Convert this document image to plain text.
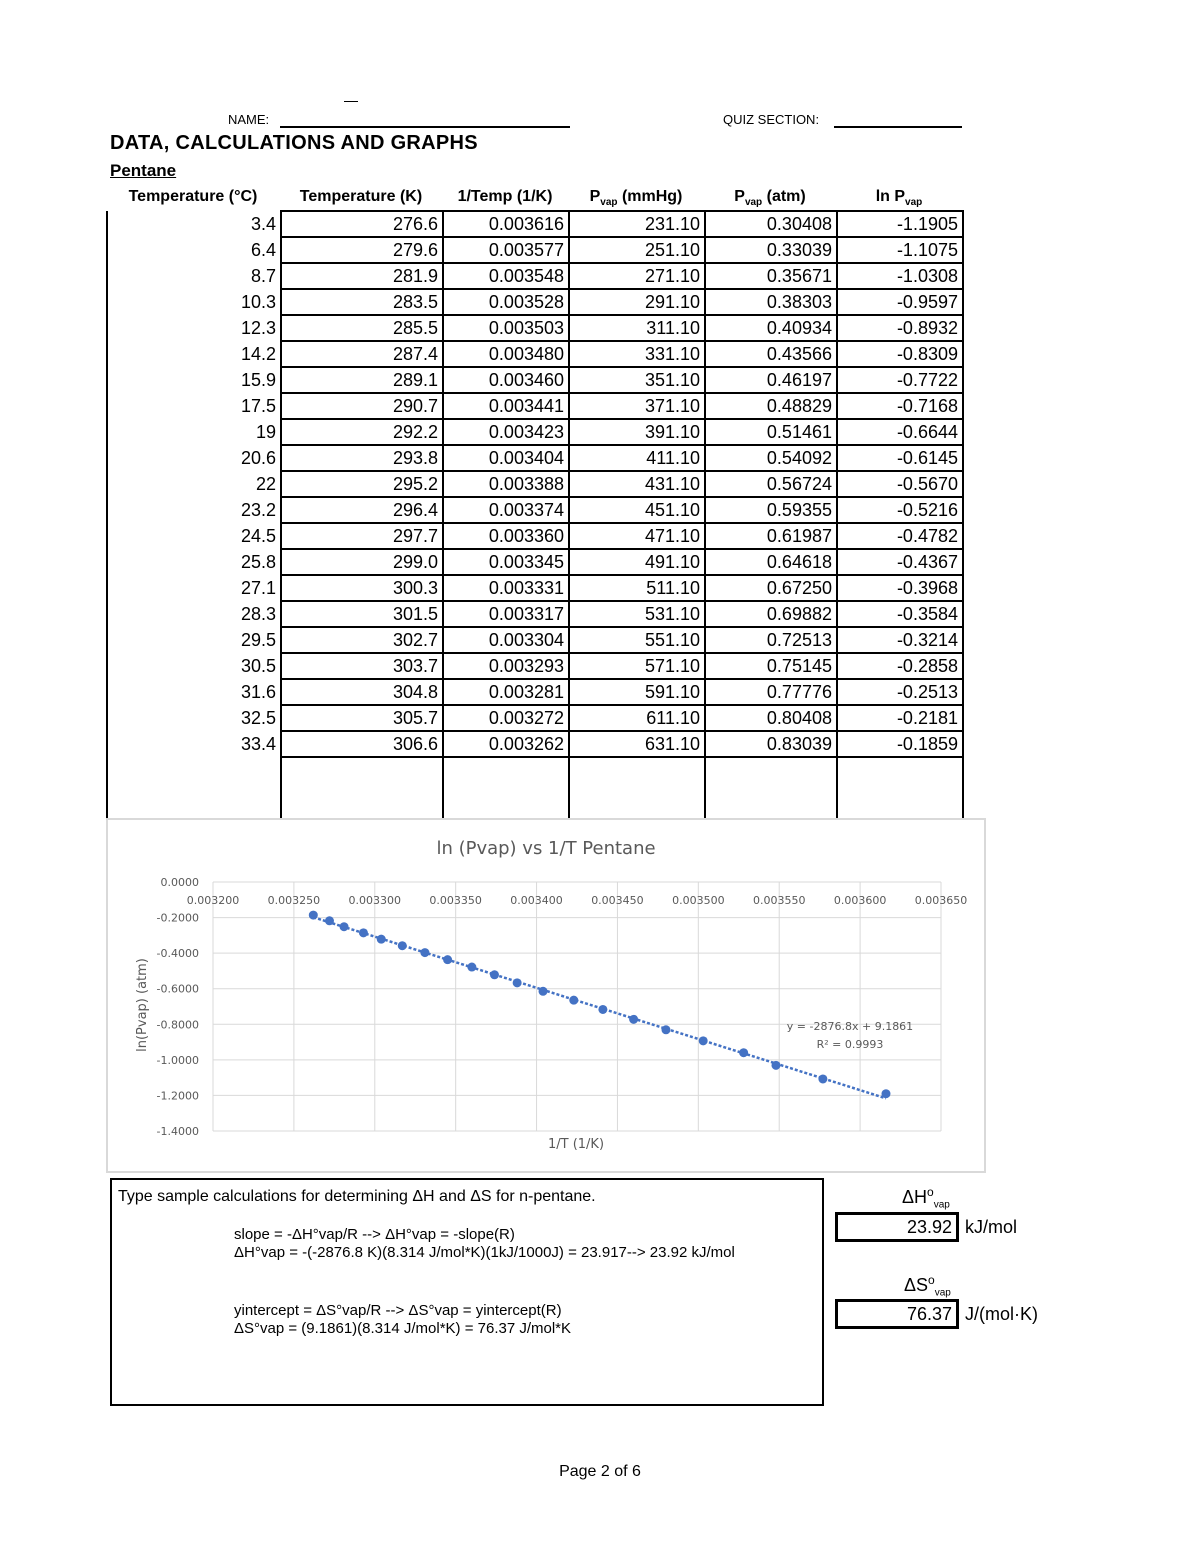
NAME:	QUIZ SECTION:
DATA, CALCULATIONS AND GRAPHS
Pentane
Temperature (°C)	Temperature (K)	1/Temp (1/K)	$P_{vap}$ (mmHg)	$P_{vap}$ (atm)	$\ln P_{vap}$
3.4	276.6	0.003616	231.10	0.30408	-1.1905
6.4	279.6	0.003577	251.10	0.33039	-1.1075
8.7	281.9	0.003548	271.10	0.35671	-1.0308
10.3	283.5	0.003528	291.10	0.38303	-0.9597
12.3	285.5	0.003503	311.10	0.40934	-0.8932
14.2	287.4	0.003480	331.10	0.43566	-0.8309
15.9	289.1	0.003460	351.10	0.46197	-0.7722
17.5	290.7	0.003441	371.10	0.48829	-0.7168
19	292.2	0.003423	391.10	0.51461	-0.6644
20.6	293.8	0.003404	411.10	0.54092	-0.6145
22	295.2	0.003388	431.10	0.56724	-0.5670
23.2	296.4	0.003374	451.10	0.59355	-0.5216
24.5	297.7	0.003360	471.10	0.61987	-0.4782
25.8	299.0	0.003345	491.10	0.64618	-0.4367
27.1	300.3	0.003331	511.10	0.67250	-0.3968
28.3	301.5	0.003317	531.10	0.69882	-0.3584
29.5	302.7	0.003304	551.10	0.72513	-0.3214
30.5	303.7	0.003293	571.10	0.75145	-0.2858
31.6	304.8	0.003281	591.10	0.77776	-0.2513
32.5	305.7	0.003272	611.10	0.80408	-0.2181
33.4	306.6	0.003262	631.10	0.83039	-0.1859

ln (Pvap) vs 1/T Pentane
0.003200	0.003250	0.003300	0.003350	0.003400	0.003450	0.003500	0.003550	0.003600	0.003650
0.0000
-0.2000
-0.4000
-0.6000
-0.8000
-1.0000
-1.2000
-1.4000
1/T (1/K)
ln(Pvap) (atm)	y = -2876.8x + 9.1861
R² = 0.9993
Type sample calculations for determining ΔH and ΔS for n-pentane.
slope = -ΔH°vap/R --> ΔH°vap = -slope(R)
ΔH°vap = -(-2876.8 K)(8.314 J/mol*K)(1kJ/1000J) = 23.917--> 23.92 kJ/mol
yintercept = ΔS°vap/R --> ΔS°vap = yintercept(R)
ΔS°vap = (9.1861)(8.314 J/mol*K) = 76.37 J/mol*K
$\Delta H^o_{vap}$
23.92 kJ/mol
$\Delta S^o_{vap}$
76.37 J/(mol·K)
Page 2 of 6
